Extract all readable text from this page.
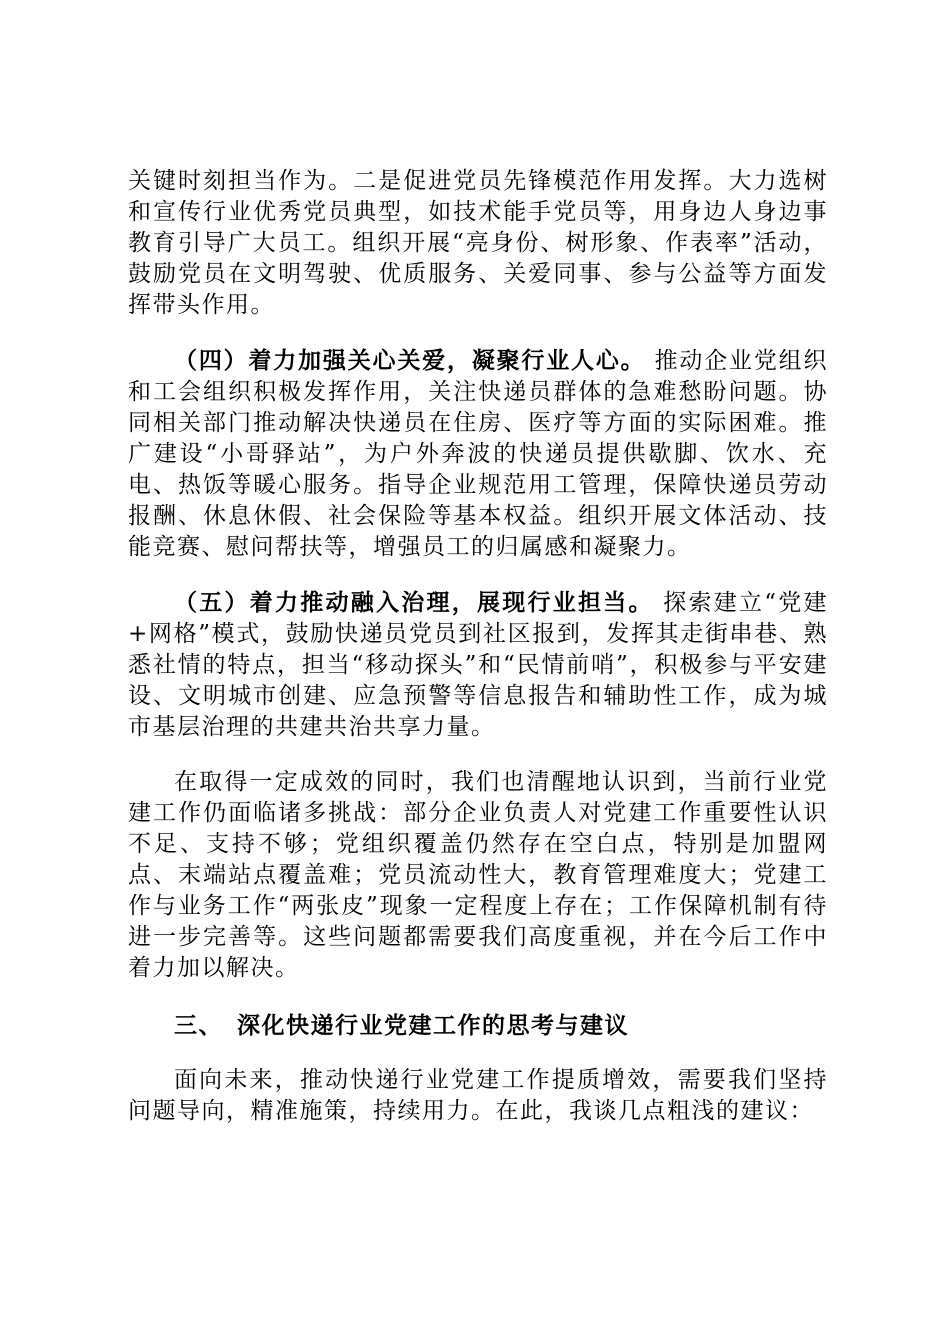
关键时刻担当作为。二是促进党员先锋模范作用发挥。大力选树和宣传行业优秀党员典型，如技术能手党员等，用身边人身边事教育引导广大员工。组织开展“亮身份、树形象、作表率”活动，鼓励党员在文明驾驶、优质服务、关爱同事、参与公益等方面发挥带头作用。

（四）着力加强关心关爱，凝聚行业人心。 推动企业党组织和工会组织积极发挥作用，关注快递员群体的急难愁盼问题。协同相关部门推动解决快递员在住房、医疗等方面的实际困难。推广建设“小哥驿站”，为户外奔波的快递员提供歇脚、饮水、充电、热饭等暖心服务。指导企业规范用工管理，保障快递员劳动报酬、休息休假、社会保险等基本权益。组织开展文体活动、技能竞赛、慰问帮扶等，增强员工的归属感和凝聚力。

（五）着力推动融入治理，展现行业担当。 探索建立“党建+网格”模式，鼓励快递员党员到社区报到，发挥其走街串巷、熟悉社情的特点，担当“移动探头”和“民情前哨”，积极参与平安建设、文明城市创建、应急预警等信息报告和辅助性工作，成为城市基层治理的共建共治共享力量。

在取得一定成效的同时，我们也清醒地认识到，当前行业党建工作仍面临诸多挑战：部分企业负责人对党建工作重要性认识不足、支持不够；党组织覆盖仍然存在空白点，特别是加盟网点、末端站点覆盖难；党员流动性大，教育管理难度大；党建工作与业务工作“两张皮”现象一定程度上存在；工作保障机制有待进一步完善等。这些问题都需要我们高度重视，并在今后工作中着力加以解决。

三、 深化快递行业党建工作的思考与建议

面向未来，推动快递行业党建工作提质增效，需要我们坚持问题导向，精准施策，持续用力。在此，我谈几点粗浅的建议：
